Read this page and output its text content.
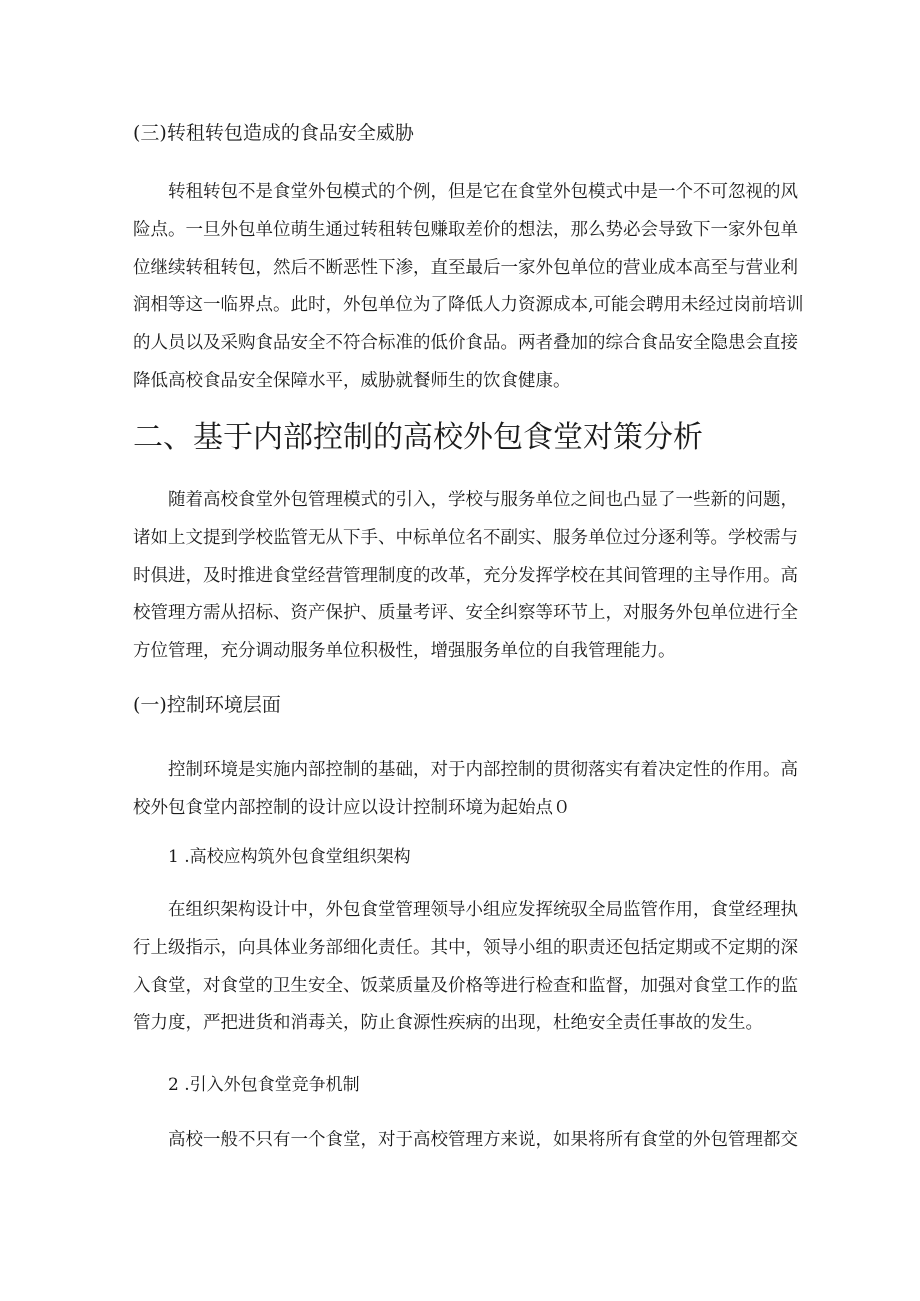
(三)转租转包造成的食品安全威胁
转租转包不是食堂外包模式的个例，但是它在食堂外包模式中是一个不可忽视的风
险点。一旦外包单位萌生通过转租转包赚取差价的想法，那么势必会导致下一家外包单
位继续转租转包，然后不断恶性下渗，直至最后一家外包单位的营业成本高至与营业利
润相等这一临界点。此时，外包单位为了降低人力资源成本,可能会聘用未经过岗前培训
的人员以及采购食品安全不符合标准的低价食品。两者叠加的综合食品安全隐患会直接
降低高校食品安全保障水平，威胁就餐师生的饮食健康。
二、基于内部控制的高校外包食堂对策分析
随着高校食堂外包管理模式的引入，学校与服务单位之间也凸显了一些新的问题，
诸如上文提到学校监管无从下手、中标单位名不副实、服务单位过分逐利等。学校需与
时俱进，及时推进食堂经营管理制度的改革，充分发挥学校在其间管理的主导作用。高
校管理方需从招标、资产保护、质量考评、安全纠察等环节上，对服务外包单位进行全
方位管理，充分调动服务单位积极性，增强服务单位的自我管理能力。
(一)控制环境层面
控制环境是实施内部控制的基础，对于内部控制的贯彻落实有着决定性的作用。高
校外包食堂内部控制的设计应以设计控制环境为起始点０
1 .高校应构筑外包食堂组织架构
在组织架构设计中，外包食堂管理领导小组应发挥统驭全局监管作用，食堂经理执
行上级指示，向具体业务部细化责任。其中，领导小组的职责还包括定期或不定期的深
入食堂，对食堂的卫生安全、饭菜质量及价格等进行检查和监督，加强对食堂工作的监
管力度，严把进货和消毒关，防止食源性疾病的出现，杜绝安全责任事故的发生。
2 .引入外包食堂竞争机制
高校一般不只有一个食堂，对于高校管理方来说，如果将所有食堂的外包管理都交
